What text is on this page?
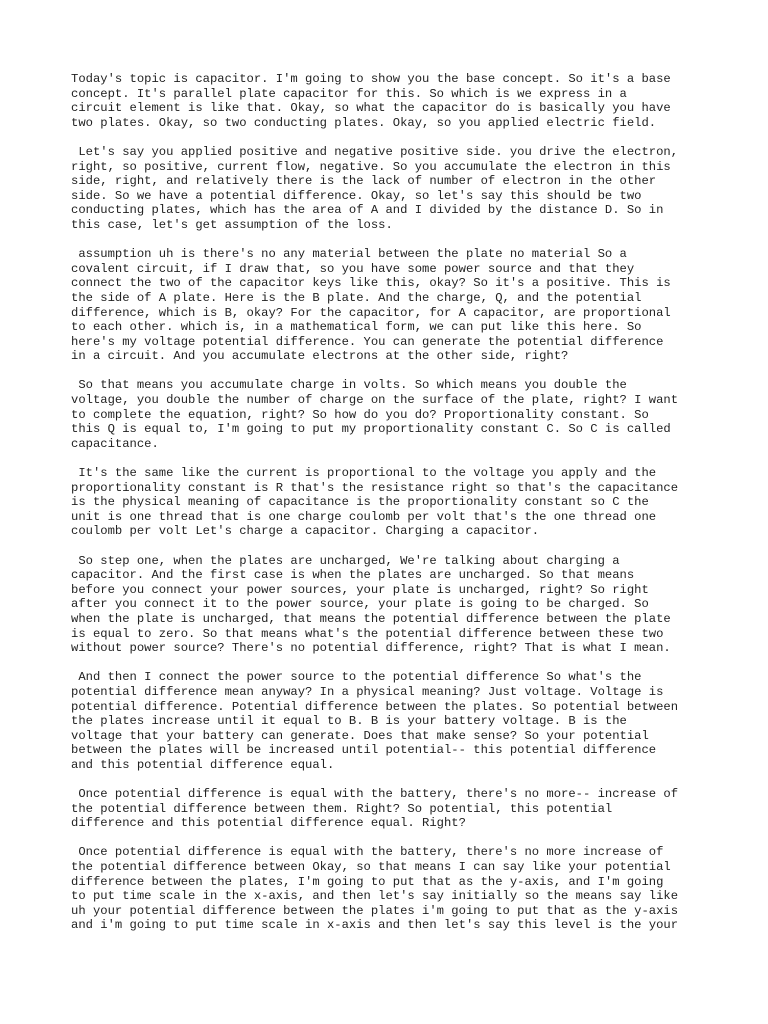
Today's topic is capacitor. I'm going to show you the base concept. So it's a base
concept. It's parallel plate capacitor for this. So which is we express in a
circuit element is like that. Okay, so what the capacitor do is basically you have
two plates. Okay, so two conducting plates. Okay, so you applied electric field.

Let's say you applied positive and negative positive side. you drive the electron,
right, so positive, current flow, negative. So you accumulate the electron in this
side, right, and relatively there is the lack of number of electron in the other
side. So we have a potential difference. Okay, so let's say this should be two
conducting plates, which has the area of A and I divided by the distance D. So in
this case, let's get assumption of the loss.

assumption uh is there's no any material between the plate no material So a
covalent circuit, if I draw that, so you have some power source and that they
connect the two of the capacitor keys like this, okay? So it's a positive. This is
the side of A plate. Here is the B plate. And the charge, Q, and the potential
difference, which is B, okay? For the capacitor, for A capacitor, are proportional
to each other. which is, in a mathematical form, we can put like this here. So
here's my voltage potential difference. You can generate the potential difference
in a circuit. And you accumulate electrons at the other side, right?

So that means you accumulate charge in volts. So which means you double the
voltage, you double the number of charge on the surface of the plate, right? I want
to complete the equation, right? So how do you do? Proportionality constant. So
this Q is equal to, I'm going to put my proportionality constant C. So C is called
capacitance.

It's the same like the current is proportional to the voltage you apply and the
proportionality constant is R that's the resistance right so that's the capacitance
is the physical meaning of capacitance is the proportionality constant so C the
unit is one thread that is one charge coulomb per volt that's the one thread one
coulomb per volt Let's charge a capacitor. Charging a capacitor.

So step one, when the plates are uncharged, We're talking about charging a
capacitor. And the first case is when the plates are uncharged. So that means
before you connect your power sources, your plate is uncharged, right? So right
after you connect it to the power source, your plate is going to be charged. So
when the plate is uncharged, that means the potential difference between the plate
is equal to zero. So that means what's the potential difference between these two
without power source? There's no potential difference, right? That is what I mean.

And then I connect the power source to the potential difference So what's the
potential difference mean anyway? In a physical meaning? Just voltage. Voltage is
potential difference. Potential difference between the plates. So potential between
the plates increase until it equal to B. B is your battery voltage. B is the
voltage that your battery can generate. Does that make sense? So your potential
between the plates will be increased until potential-- this potential difference
and this potential difference equal.

Once potential difference is equal with the battery, there's no more-- increase of
the potential difference between them. Right? So potential, this potential
difference and this potential difference equal. Right?

Once potential difference is equal with the battery, there's no more increase of
the potential difference between Okay, so that means I can say like your potential
difference between the plates, I'm going to put that as the y-axis, and I'm going
to put time scale in the x-axis, and then let's say initially so the means say like
uh your potential difference between the plates i'm going to put that as the y-axis
and i'm going to put time scale in x-axis and then let's say this level is the your
